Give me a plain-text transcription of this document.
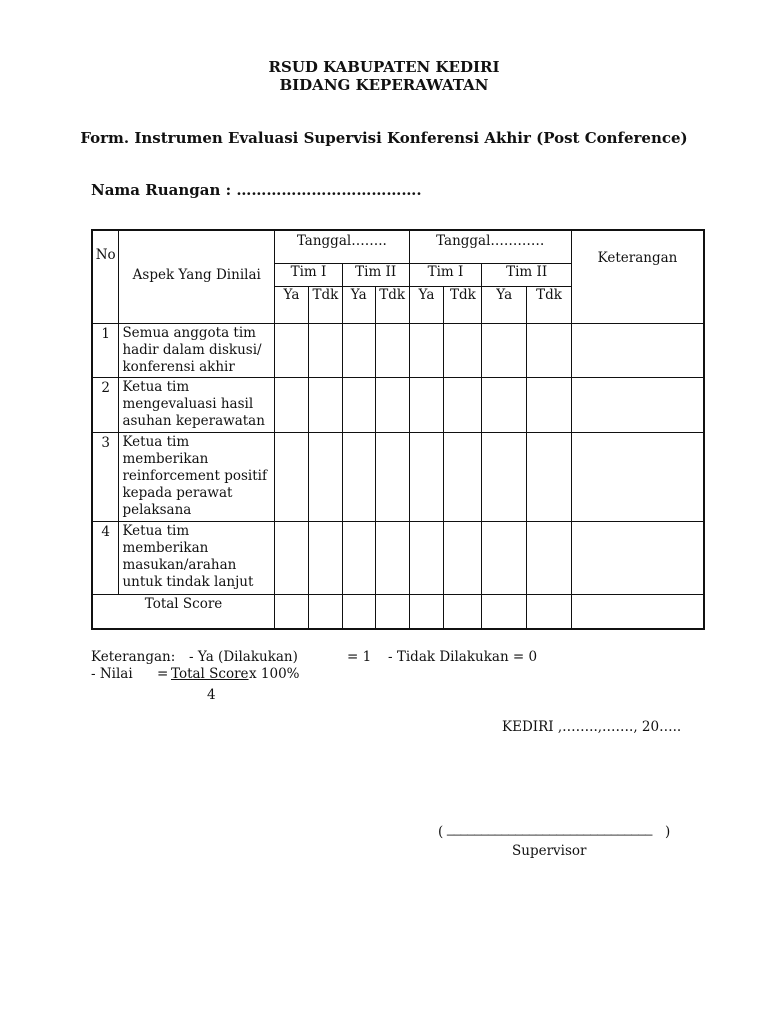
RSUD KABUPATEN KEDIRI
BIDANG KEPERAWATAN
Form. Instrumen Evaluasi Supervisi Konferensi Akhir (Post Conference)
Nama Ruangan : ……………………………….
No	Aspek Yang Dinilai	Tanggal……..				Tanggal…………				Keterangan
		Tim I		Tim II		Tim I		Tim II		
		Ya	Tdk	Ya	Tdk	Ya	Tdk	Ya	Tdk	
1	Semua anggota tim hadir dalam diskusi/ konferensi akhir									
2	Ketua tim mengevaluasi hasil asuhan keperawatan									
3	Ketua tim memberikan reinforcement positif kepada perawat pelaksana									
4	Ketua tim memberikan masukan/arahan untuk tindak lanjut									
Total Score										
Keterangan: - Ya (Dilakukan)	= 1 - Tidak Dilakukan = 0
- Nilai = Total Score x 100%
4
KEDIRI ,……..,……., 20…..
( ______________________________ )
Supervisor
